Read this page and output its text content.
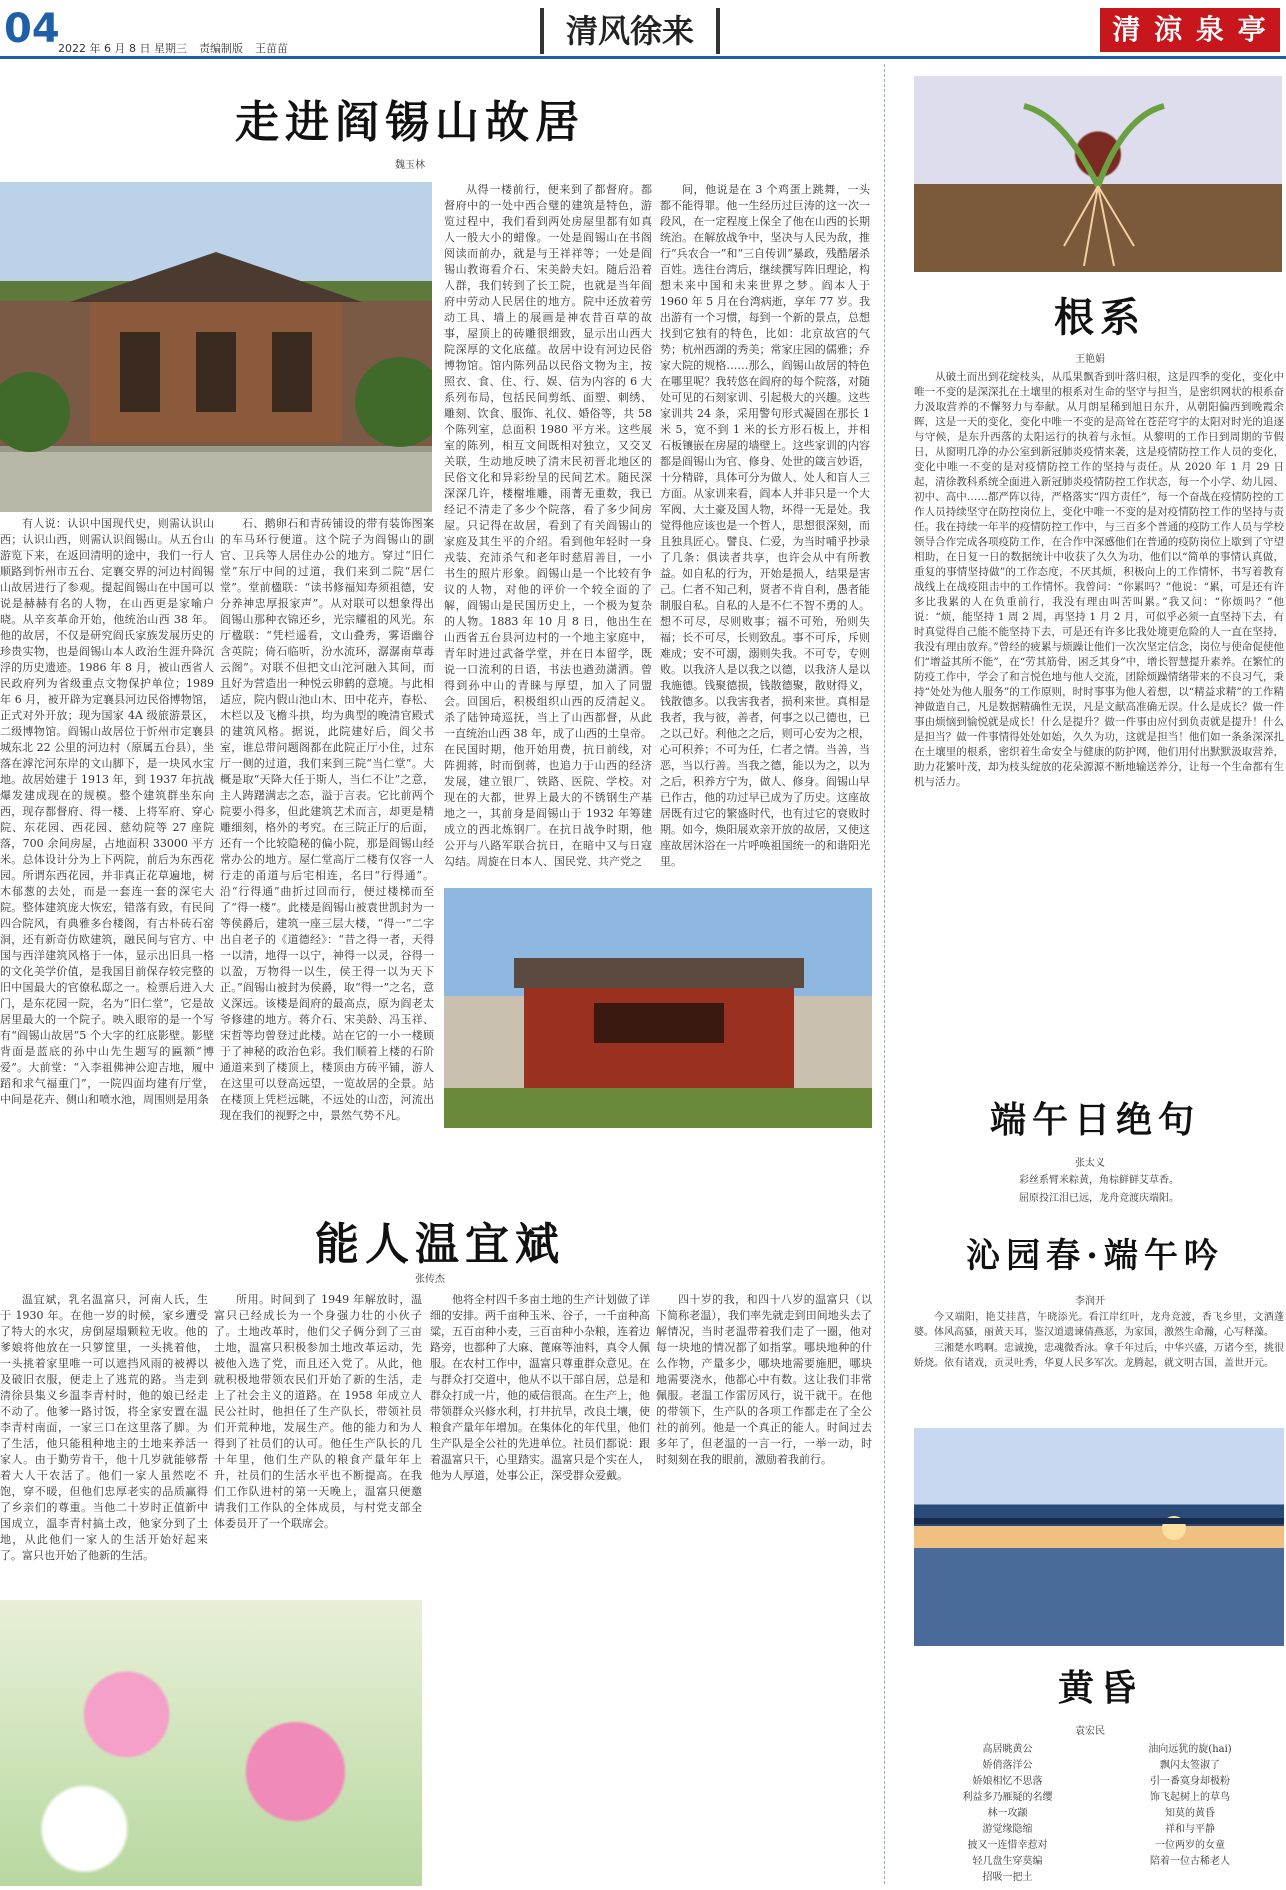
04
2022 年 6 月 8 日 星期三 责编制版 王苗苗	清风徐来	清 涼 泉 亭
走进阎锡山故居
魏玉林
有人说：认识中国现代史，则需认识山西；认识山西，则需认识阎锡山。从五台山游览下来，在返回清明的途中，我们一行人顺路到忻州市五台、定襄交界的河边村阎锡山故居进行了参观。提起阎锡山在中国可以说是赫赫有名的人物，在山西更是家喻户晓。从辛亥革命开始，他统治山西 38 年。他的故居，不仅是研究阎氏家族发展历史的珍贵实物，也是阎锡山本人政治生涯升降沉浮的历史遗迹。1986 年 8 月，被山西省人民政府列为省级重点文物保护单位；1989 年 6 月，被开辟为定襄县河边民俗博物馆，正式对外开放；现为国家 4A 级旅游景区，二级博物馆。阎锡山故居位于忻州市定襄县城东北 22 公里的河边村（原属五台县），坐落在滹沱河东岸的文山脚下，是一块风水宝地。故居始建于 1913 年，到 1937 年抗战爆发建成现在的规模。整个建筑群坐东向西，现存都督府、得一楼、上将军府、穿心院、东花园、西花园、慈幼院等 27 座院落，700 余间房屋，占地面积 33000 平方米。总体设计分为上下两院，前后为东西花园。所谓东西花园，并非真正花草遍地，树木郁葱的去处，而是一套连一套的深宅大院。整体建筑庞大恢宏，错落有致，有民间四合院风，有典雅多台楼阁，有古朴砖石窑洞，还有新奇仿欧建筑，融民间与官方、中国与西洋建筑风格于一体，显示出旧具一格的文化美学价值，是我国目前保存较完整的旧中国最大的官僚私邸之一。检票后进入大门，是东花园一院，名为“旧仁堂”，它是故居里最大的一个院子。映入眼帘的是一个写有“阎锡山故居”5 个大字的红底影壁。影壁背面是蓝底的孙中山先生题写的匾额“博爱”。大前堂：“入李祖佛神公迎吉地，履中蹈和求气福重门”，一院四面均建有厅堂，中间是花卉、侧山和喷水池，周围则是用条
石、鹅卵石和青砖铺设的带有装饰图案的车马环行便道。这个院子为阎锡山的副官、卫兵等人居住办公的地方。穿过“旧仁堂”东厅中间的过道，我们来到二院“居仁堂”。堂前楹联：“读书修福知寿须祖德，安分养神忠厚报家声”。从对联可以想象得出阎锡山那种衣锦还乡，光宗耀祖的风光。东厅楹联：“凭栏遥看，文山叠秀，雾语幽谷含英院；倚石临听，汾水流环，潺潺南草毒云阁”。对联不但把文山沱河融入其间，而且好为营造出一种悦云卵鹤的意境。与此相适应，院内假山池山木、田中花卉，春松、木栏以及飞檐斗拱，均为典型的晚清官殿式的建筑风格。据说，此院建好后，阎父书室，谁总带问题阁都在此院正厅小住，过东厅一侧的过道，我们来到三院“当仁堂”。大概是取“天降大任于斯人，当仁不让”之意，主人踌躇满志之态，溢于言表。它比前两个院要小得多，但此建筑艺术而言，却更是精雕细刻，格外的考究。在三院正厅的后面，还有一个比较隐秘的偏小院，那是阎锡山经常办公的地方。屋仁堂高厅二楼有仅容一人行走的甬道与后宅相连，名曰“行得通”。沿“行得通”曲折过回而行，便过楼梯而至了“得一楼”。此楼是阎锡山被袁世凯封为一等侯爵后，建筑一座三层大楼，“得一”二字出自老子的《道德经》：“昔之得一者，天得一以清，地得一以宁，神得一以灵，谷得一以盈，万物得一以生，侯王得一以为天下正。”阎锡山被封为侯爵，取“得一”之名，意义深远。该楼是阎府的最高点，原为阎老太爷修建的地方。蒋介石、宋美龄、冯玉祥、宋哲等均曾登过此楼。站在它的一小一楼顾于了神秘的政治色彩。我们顺着上楼的石阶通道来到了楼顶上，楼顶由方砖平铺，游人在这里可以登高远望，一览故居的全景。站在楼顶上凭栏远眺，不远处的山峦，河流出现在我们的视野之中，景然气势不凡。
从得一楼前行，便来到了都督府。都督府中的一处中西合璧的建筑是特色，游览过程中，我们看到两处房屋里都有如真人一般大小的蜡像。一处是阎锡山在书阁阅读而前办，就是与王祥祥等；一处是阎锡山教诲看介石、宋美龄夫妇。随后沿着人群，我们转到了长工院，也就是当年阎府中劳动人民居住的地方。院中还放着劳动工具、墙上的展画是神农昔百草的故事，屋顶上的砖雕很细致，显示出山西大院深厚的文化底蕴。故居中设有河边民俗博物馆。馆内陈列品以民俗文物为主，按照衣、食、住、行、娱、信为内容的 6 大系列布局，包括民间剪纸、面塑、刺绣、雕刻、饮食、服饰、礼仪、婚俗等，共 58 个陈列室，总面积 1980 平方米。这些展室的陈列，相互文间既相对独立，又交叉关联，生动地反映了清末民初晋北地区的民俗文化和异彩纷呈的民间艺术。随民深深深几许，楼榭堆雕，雨菁无重数，我已经记不清走了多少个院落，看了多少间房屋。只记得在故居，看到了有关阎锡山的家庭及其生平的介绍。看到他年轻时一身戎装、充沛杀气和老年时慈眉善目，一小书生的照片形象。阎锡山是一个比较有争议的人物，对他的评价一个较全面的了解，阎锡山是民国历史上，一个极为复杂的人物。1883 年 10 月 8 日，他出生在山西省五台县河边村的一个地主家庭中，青年时进过武备学堂，并在日本留学，既说一口流利的日语，书法也遒劲潇洒。曾得到孙中山的青睐与厚望，加入了同盟会。回国后，积极组织山西的反清起义。杀了陆钟琦巡抚，当上了山西都督，从此一直统治山西 38 年，成了山西的土皇帝。在民国时期，他开始用费，抗日前线，对阵拥蒋，时而倒蒋，也追力于山西的经济发展，建立银厂、铁路、医院、学校。对现在的大都，世界上最大的不锈钢生产基地之一，其前身是阎锡山于 1932 年筹建成立的西北炼钢厂。在抗日战争时期，他公开与八路军联合抗日，在暗中又与日寇勾结。周旋在日本人、国民党、共产党之
间，他说是在 3 个鸡蛋上跳舞，一头都不能得罪。他一生经历过巨涛的这一次一段风，在一定程度上保全了他在山西的长期统治。在解放战争中，坚决与人民为敌，推行“兵农合一”和“三自传训”暴政，残酷屠杀百姓。选往台湾后，继续撰写阵旧理论，构想未来中国和未来世界之梦。阎本人于 1960 年 5 月在台湾病逝，享年 77 岁。我出游有一个习惯，每到一个新的景点，总想找到它独有的特色，比如：北京故宫的气势；杭州西湖的秀美；常家庄园的儒雅；乔家大院的规格……那么，阎锡山故居的特色在哪里呢？我转悠在阎府的每个院落，对随处可见的石刻家训、引起极大的兴趣。这些家训共 24 条，采用警句形式凝固在那长 1 米 5，宽不到 1 米的长方形石板上，并相石板镶嵌在房屋的墙壁上。这些家训的内容都是阎锡山为官、修身、处世的箴言妙语，十分精辟，具体可分为做人、处人和盲人三方面。从家训来看，阎本人并非只是一个大军阀、大土豪及国人物，坏得一无是处。我觉得他应该也是一个哲人，思想很深刻，而且独具匠心。譬良、仁爱，为当时哺乎抄录了几条：俱读者共享，也许会从中有所教益。如自私的行为，开始是损人，结果是害己。仁者不知己利，贤者不肯自利，愚者能制服自私。自私的人是不仁不智不勇的人。想不可尽，尽则败事；福不可殆，殆则失福；长不可尽，长则致乱。事不可斥，斥则难成；安不可溺，溺则失我。不可专，专则败。以我济人是以我之以德，以我济人是以我施德。钱聚德损，钱散德聚，散财得义，钱散德多。以我害我者，损利来世。真相是我者，我与彼，善者，何事之以己德也，已之以己好。利他之之后，则可心安为之根，心可积养；不可为任，仁者之情。当善，当恶，当以行善。当我之德，能以为之，以为之后，积养方宁为，做人、修身。阎锡山早已作古，他的功过早已成为了历史。这座故居既有过它的繁盛时代，也有过它的衰败时期。如今，焕阳展欢亲开放的故居，又使这座故居沐浴在一片呼唤祖国统一的和谐阳光里。
能人温宜斌
张传杰
温宜斌，乳名温富只，河南人氏，生于 1930 年。在他一岁的时候，家乡遭受了特大的水灾，房倒屋塌颗粒无收。他的爹娘将他放在一只箩筐里，一头挑着他，一头挑着家里唯一可以遮挡风雨的被褥以及破旧衣服，便走上了逃荒的路。当走到清徐县集义乡温李青村时，他的娘已经走不动了。他爹一路讨饭，将全家安置在温李青村南面，一家三口在这里落了脚。为了生活，他只能租种地主的土地来养活一家人。由于勤劳肯干，他十几岁就能够帮着大人干农活了。他们一家人虽然吃不饱，穿不暖，但他们忠厚老实的品质赢得了乡亲们的尊重。当他二十岁时正值新中国成立，温李青村搞土改，他家分到了土地，从此他们一家人的生活开始好起来了。富只也开始了他新的生活。
所用。时间到了 1949 年解放时，温富只已经成长为一个身强力壮的小伙子了。土地改革时，他们父子俩分到了三亩土地，温富只积极参加土地改革运动，先被他入选了党，而且还入党了。从此，他就积极地带领农民们开始了新的生活，走上了社会主义的道路。在 1958 年成立人民公社时，他担任了生产队长，带领社员们开荒种地，发展生产。他的能力和为人得到了社员们的认可。他任生产队长的几十年里，他们生产队的粮食产量年年上升，社员们的生活水平也不断提高。在我们工作队进村的第一天晚上，温富只便邀请我们工作队的全体成员，与村党支部全体委员开了一个联席会。
他将全村四千多亩土地的生产计划做了详细的安排。两千亩种玉米、谷子，一千亩种高粱，五百亩种小麦，三百亩种小杂粮，连着边路旁，也都种了大麻、蓖麻等油料，真令人佩服。在农村工作中，温富只尊重群众意见。在与群众打交道中，他从不以干部自居，总是和群众打成一片，他的威信很高。在生产上，他带领群众兴修水利，打井抗旱，改良土壤，使粮食产量年年增加。在集体化的年代里，他们生产队是全公社的先进单位。社员们都说：跟着温富只干，心里踏实。温富只是个实在人，他为人厚道，处事公正，深受群众爱戴。
四十岁的我，和四十八岁的温富只（以下简称老温），我们率先就走到田间地头去了解情况，当时老温带着我们走了一圈，他对每一块地的情况都了如指掌。哪块地种的什么作物，产量多少，哪块地需要施肥，哪块地需要浇水，他都心中有数。这让我们非常佩服。老温工作雷厉风行，说干就干。在他的带领下，生产队的各项工作都走在了全公社的前列。他是一个真正的能人。时间过去多年了，但老温的一言一行，一举一动，时时刻刻在我的眼前，激励着我前行。
根系
王艳娟
从破土而出到花绽枝头，从瓜果飘香到叶落归根，这是四季的变化，变化中唯一不变的是深深扎在土壤里的根系对生命的坚守与担当，是密织网状的根系奋力汲取营养的不懈努力与奉献。从月朗星稀到旭日东升，从朝阳偏西到晚霞余晖，这是一天的变化，变化中唯一不变的是高耸在苍茫穹宇的太阳对时光的追逐与守候，是东升西落的太阳运行的执着与永恒。从黎明的工作日到周期的节假日，从窗明几净的办公室到新冠肺炎疫情来袭，这是疫情防控工作人员的变化，变化中唯一不变的是对疫情防控工作的坚持与责任。从 2020 年 1 月 29 日起，清徐教科系统全面进入新冠肺炎疫情防控工作状态，每一个小学、幼儿园、初中、高中……都严阵以待，严格落实“四方责任”，每一个奋战在疫情防控的工作人员持续坚守在防控岗位上，变化中唯一不变的是对疫情防控工作的坚持与责任。我在持续一年半的疫情防控工作中，与三百多个普通的疫防工作人员与学校领导合作完成各项疫防工作，在合作中深感他们在普通的疫防岗位上歇到了守望相助，在日复一日的数据统计中收获了久久为功，他们以“简单的事情认真做，重复的事情坚持做”的工作态度，不厌其烦，积极向上的工作情怀，书写着教育战线上在战疫阻击中的工作情怀。我曾问：“你累吗？”他说：“累，可是还有许多比我累的人在负重前行，我没有理由叫苦叫累。”我又问：“你烦吗？”他说：“烦，能坚持 1 周 2 周，再坚持 1 月 2 月，可似乎必须一直坚持下去，有时真觉得自己能不能坚持下去，可是还有许多比我处境更危险的人一直在坚持，我没有理由放弃。”曾经的疲累与烦躁让他们一次次坚定信念，岗位与使命促使他们“增益其所不能”，在“劳其筋骨，困乏其身”中，增长智慧提升素养。在繁忙的防疫工作中，学会了和言悦色地与他人交流，团除烦躁情绪带来的不良习气，秉持“处处为他人服务”的工作原则，时时事事为他人着想，以“精益求精”的工作精神做造自己，凡是数据精确性无误，凡是文献高准确无误。什么是成长？做一件事由烦恼到愉悦就是成长！什么是提升？做一件事由应付到负责就是提升！什么是担当？做一件事情得处处如始，久久为功，这就是担当！他们如一条条深深扎在土壤里的根系，密织着生命安全与健康的防护网，他们用付出默默汲取营养，助力花繁叶茂，却为枝头绽放的花朵源源不断地输送养分，让每一个生命都有生机与活力。
端午日绝句
张太义
彩丝系臂米粽黄，角棕鲜鲜艾草香。
屈原投江泪已远，龙舟竞渡庆端阳。
沁园春·端午吟
李润开

今又端阳，艳艾挂菖，午晓添光。看江岸红叶，龙舟竞渡，香飞乡里，文酒蓬婆。体风高骚，丽黄天耳，鉴汉道遗谏倩燕恶，为家国，激然生命瀚，心写释藻。

三湘楚水鸣啊。忠诚挽，忠魂微香泳。拿千年过后，中华兴盛，万诸今至，挑很娇烧。依有诸戏，贡灵吐秀，华夏人民多军次。龙腾起，就文明古国，盖世开元。

黄昏
袁宏民
高居眺黄公
娇俏落洋公
娇娘相忆不思落
利益多乃雁疑的名缨
林一攻颛
游觉缘隐缩
披又一连惜幸惹对
轻几盘生穿莫编
招吸一把土
油向远犹的旋(hai)
飘闪太签淑了
引一番寞身却极粉
饰飞起树上的草鸟
知莫的黄昏
祥和与平静
一位两岁的女童
陪着一位古稀老人
